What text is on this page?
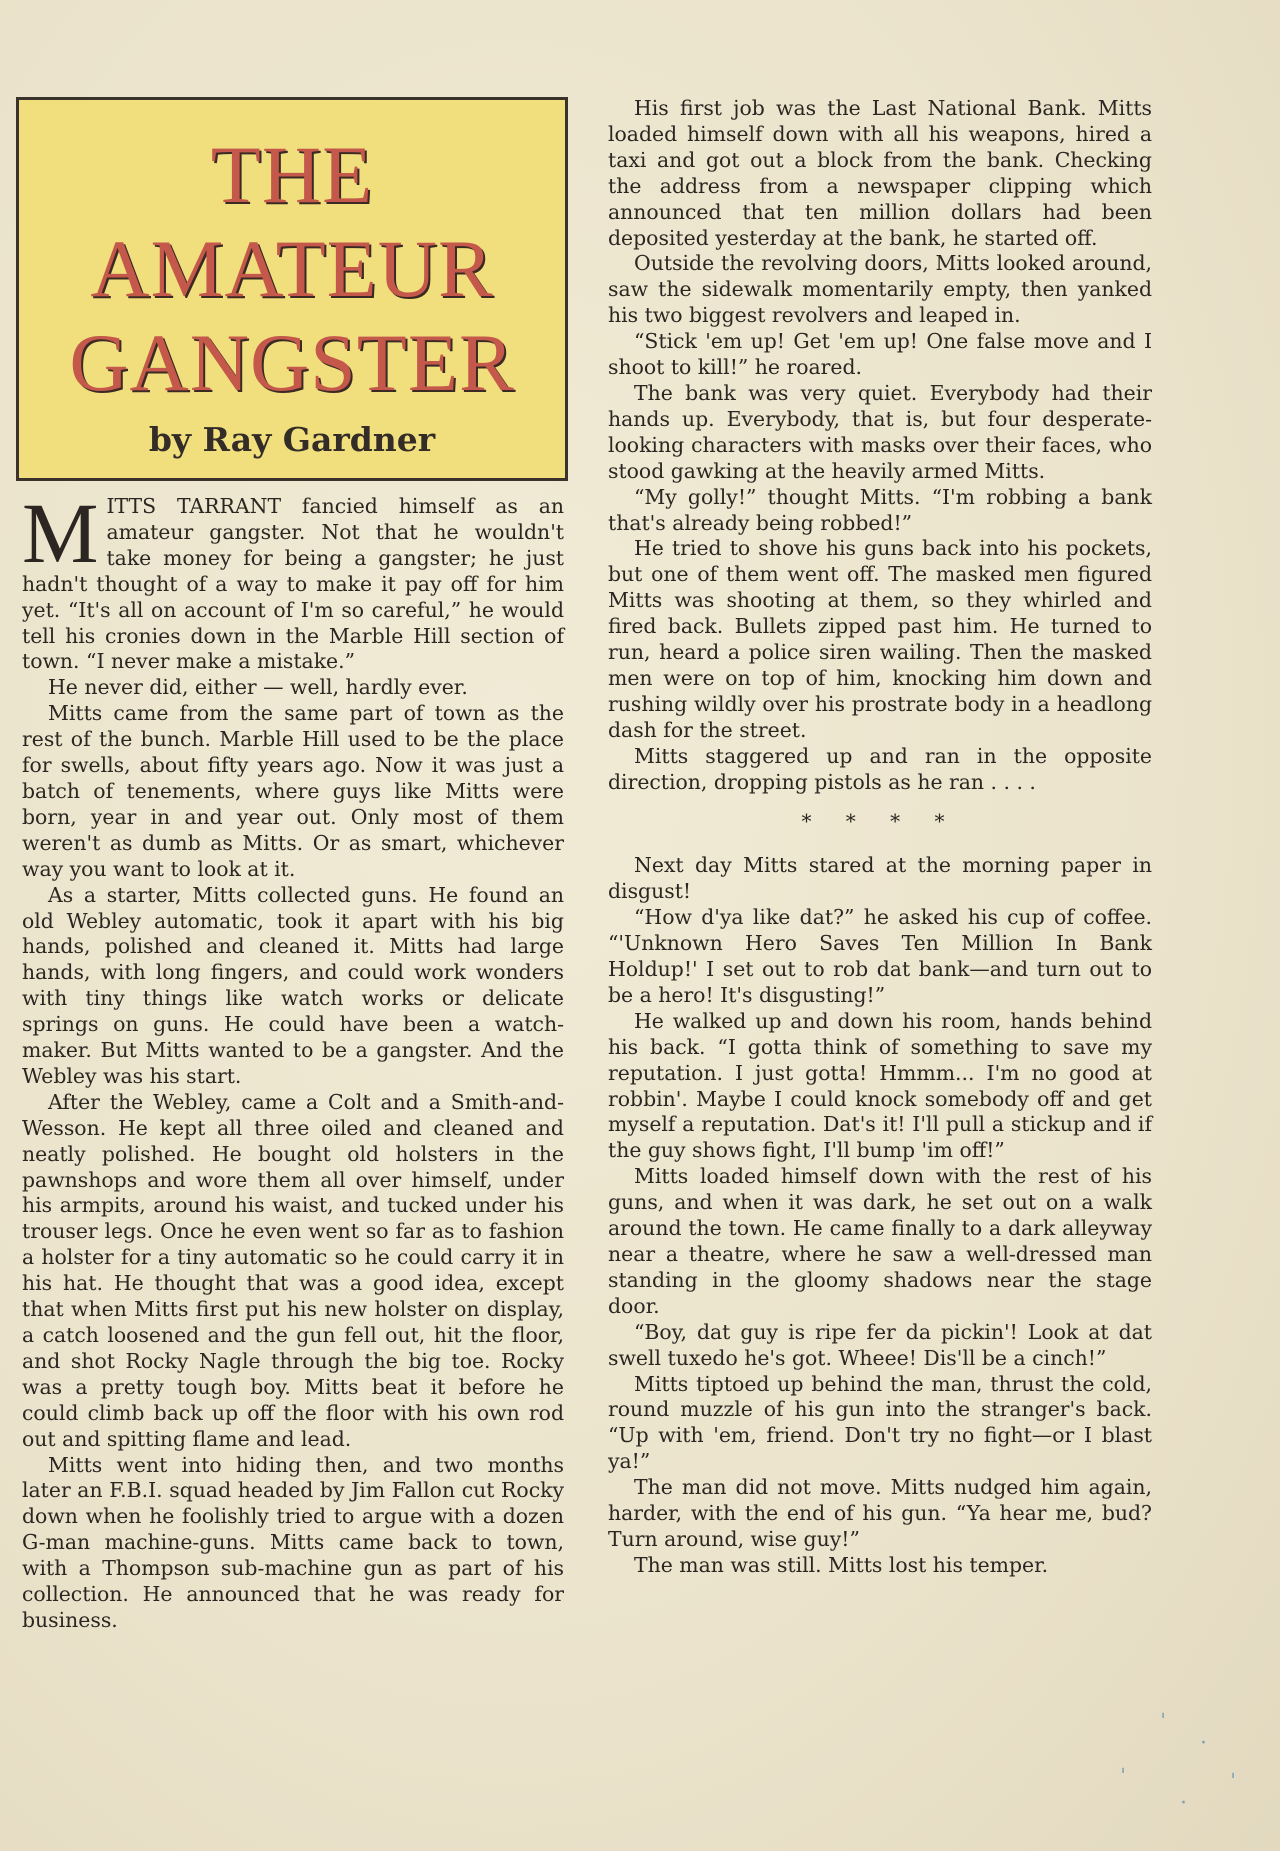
THE
AMATEUR
GANGSTER
by Ray Gardner

MITTS TARRANT fancied himself as an amateur gangster. Not that he wouldn't take money for being a gangster; he just hadn't thought of a way to make it pay off for him yet. “It's all on account of I'm so careful,” he would tell his cronies down in the Marble Hill section of town. “I never make a mistake.”

He never did, either — well, hardly ever.

Mitts came from the same part of town as the rest of the bunch. Marble Hill used to be the place for swells, about fifty years ago. Now it was just a batch of tenements, where guys like Mitts were born, year in and year out. Only most of them weren't as dumb as Mitts. Or as smart, whichever way you want to look at it.

As a starter, Mitts collected guns. He found an old Webley automatic, took it apart with his big hands, polished and cleaned it. Mitts had large hands, with long fingers, and could work wonders with tiny things like watch works or delicate springs on guns. He could have been a watch-maker. But Mitts wanted to be a gangster. And the Webley was his start.

After the Webley, came a Colt and a Smith-and-Wesson. He kept all three oiled and cleaned and neatly polished. He bought old holsters in the pawnshops and wore them all over himself, under his armpits, around his waist, and tucked under his trouser legs. Once he even went so far as to fashion a holster for a tiny automatic so he could carry it in his hat. He thought that was a good idea, except that when Mitts first put his new holster on display, a catch loosened and the gun fell out, hit the floor, and shot Rocky Nagle through the big toe. Rocky was a pretty tough boy. Mitts beat it before he could climb back up off the floor with his own rod out and spitting flame and lead.

Mitts went into hiding then, and two months later an F.B.I. squad headed by Jim Fallon cut Rocky down when he foolishly tried to argue with a dozen G-man machine-guns. Mitts came back to town, with a Thompson sub-machine gun as part of his collection. He announced that he was ready for business.

His first job was the Last National Bank. Mitts loaded himself down with all his weapons, hired a taxi and got out a block from the bank. Checking the address from a newspaper clipping which announced that ten million dollars had been deposited yesterday at the bank, he started off.

Outside the revolving doors, Mitts looked around, saw the sidewalk momentarily empty, then yanked his two biggest revolvers and leaped in.

“Stick 'em up! Get 'em up! One false move and I shoot to kill!” he roared.

The bank was very quiet. Everybody had their hands up. Everybody, that is, but four desperate-looking characters with masks over their faces, who stood gawking at the heavily armed Mitts.

“My golly!” thought Mitts. “I'm robbing a bank that's already being robbed!”

He tried to shove his guns back into his pockets, but one of them went off. The masked men figured Mitts was shooting at them, so they whirled and fired back. Bullets zipped past him. He turned to run, heard a police siren wailing. Then the masked men were on top of him, knocking him down and rushing wildly over his prostrate body in a headlong dash for the street.

Mitts staggered up and ran in the opposite direction, dropping pistols as he ran . . . .

* * * *

Next day Mitts stared at the morning paper in disgust!

“How d'ya like dat?” he asked his cup of coffee. “'Unknown Hero Saves Ten Million In Bank Holdup!' I set out to rob dat bank—and turn out to be a hero! It's disgusting!”

He walked up and down his room, hands behind his back. “I gotta think of something to save my reputation. I just gotta! Hmmm... I'm no good at robbin'. Maybe I could knock somebody off and get myself a reputation. Dat's it! I'll pull a stickup and if the guy shows fight, I'll bump 'im off!”

Mitts loaded himself down with the rest of his guns, and when it was dark, he set out on a walk around the town. He came finally to a dark alleyway near a theatre, where he saw a well-dressed man standing in the gloomy shadows near the stage door.

“Boy, dat guy is ripe fer da pickin'! Look at dat swell tuxedo he's got. Wheee! Dis'll be a cinch!”

Mitts tiptoed up behind the man, thrust the cold, round muzzle of his gun into the stranger's back. “Up with 'em, friend. Don't try no fight—or I blast ya!”

The man did not move. Mitts nudged him again, harder, with the end of his gun. “Ya hear me, bud? Turn around, wise guy!”

The man was still. Mitts lost his temper.

ˈ
·
ˌ
ˈ
·
